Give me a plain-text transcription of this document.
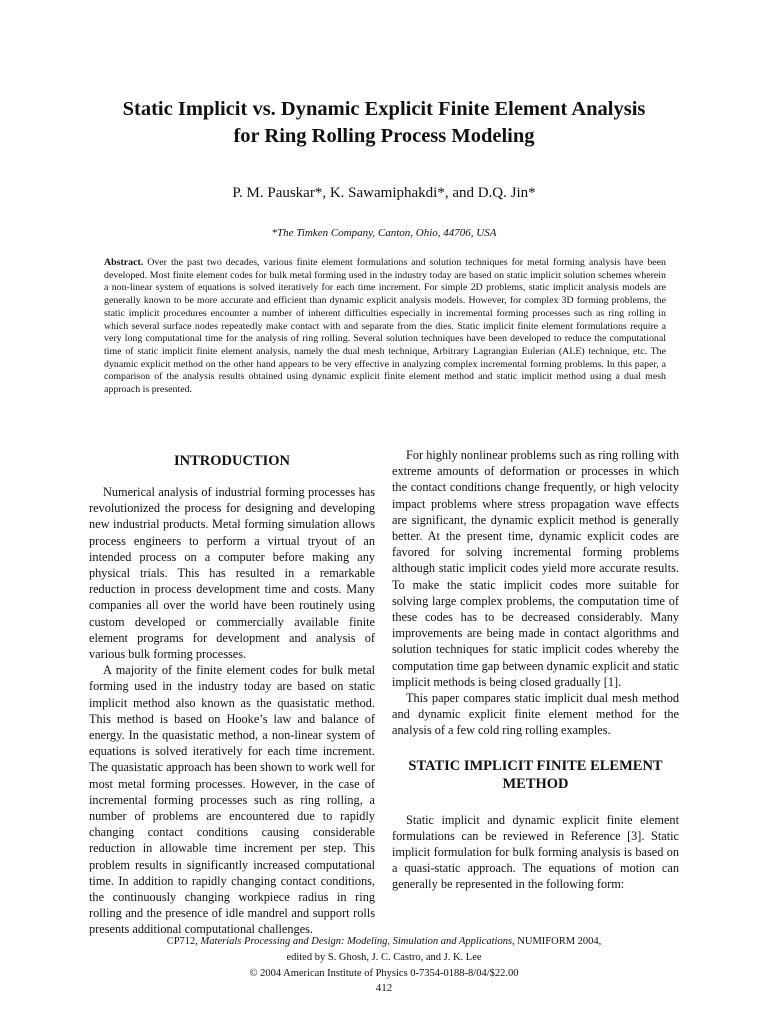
Static Implicit vs. Dynamic Explicit Finite Element Analysis
for Ring Rolling Process Modeling
P. M. Pauskar*, K. Sawamiphakdi*, and D.Q. Jin*
*The Timken Company, Canton, Ohio, 44706, USA
Abstract. Over the past two decades, various finite element formulations and solution techniques for metal forming analysis have been developed. Most finite element codes for bulk metal forming used in the industry today are based on static implicit solution schemes wherein a non-linear system of equations is solved iteratively for each time increment. For simple 2D problems, static implicit analysis models are generally known to be more accurate and efficient than dynamic explicit analysis models. However, for complex 3D forming problems, the static implicit procedures encounter a number of inherent difficulties especially in incremental forming processes such as ring rolling in which several surface nodes repeatedly make contact with and separate from the dies. Static implicit finite element formulations require a very long computational time for the analysis of ring rolling. Several solution techniques have been developed to reduce the computational time of static implicit finite element analysis, namely the dual mesh technique, Arbitrary Lagrangian Eulerian (ALE) technique, etc. The dynamic explicit method on the other hand appears to be very effective in analyzing complex incremental forming problems. In this paper, a comparison of the analysis results obtained using dynamic explicit finite element method and static implicit method using a dual mesh approach is presented.
INTRODUCTION

Numerical analysis of industrial forming processes has revolutionized the process for designing and developing new industrial products. Metal forming simulation allows process engineers to perform a virtual tryout of an intended process on a computer before making any physical trials. This has resulted in a remarkable reduction in process development time and costs. Many companies all over the world have been routinely using custom developed or commercially available finite element programs for development and analysis of various bulk forming processes.

A majority of the finite element codes for bulk metal forming used in the industry today are based on static implicit method also known as the quasistatic method. This method is based on Hooke’s law and balance of energy. In the quasistatic method, a non-linear system of equations is solved iteratively for each time increment. The quasistatic approach has been shown to work well for most metal forming processes. However, in the case of incremental forming processes such as ring rolling, a number of problems are encountered due to rapidly changing contact conditions causing considerable reduction in allowable time increment per step. This problem results in significantly increased computational time. In addition to rapidly changing contact conditions, the continuously changing workpiece radius in ring rolling and the presence of idle mandrel and support rolls presents additional computational challenges.

For highly nonlinear problems such as ring rolling with extreme amounts of deformation or processes in which the contact conditions change frequently, or high velocity impact problems where stress propagation wave effects are significant, the dynamic explicit method is generally better. At the present time, dynamic explicit codes are favored for solving incremental forming problems although static implicit codes yield more accurate results. To make the static implicit codes more suitable for solving large complex problems, the computation time of these codes has to be decreased considerably. Many improvements are being made in contact algorithms and solution techniques for static implicit codes whereby the computation time gap between dynamic explicit and static implicit methods is being closed gradually [1].

This paper compares static implicit dual mesh method and dynamic explicit finite element method for the analysis of a few cold ring rolling examples.

STATIC IMPLICIT FINITE ELEMENT
METHOD

Static implicit and dynamic explicit finite element formulations can be reviewed in Reference [3]. Static implicit formulation for bulk forming analysis is based on a quasi-static approach. The equations of motion can generally be represented in the following form:

CP712, Materials Processing and Design: Modeling, Simulation and Applications, NUMIFORM 2004,
edited by S. Ghosh, J. C. Castro, and J. K. Lee
© 2004 American Institute of Physics 0-7354-0188-8/04/$22.00
412
